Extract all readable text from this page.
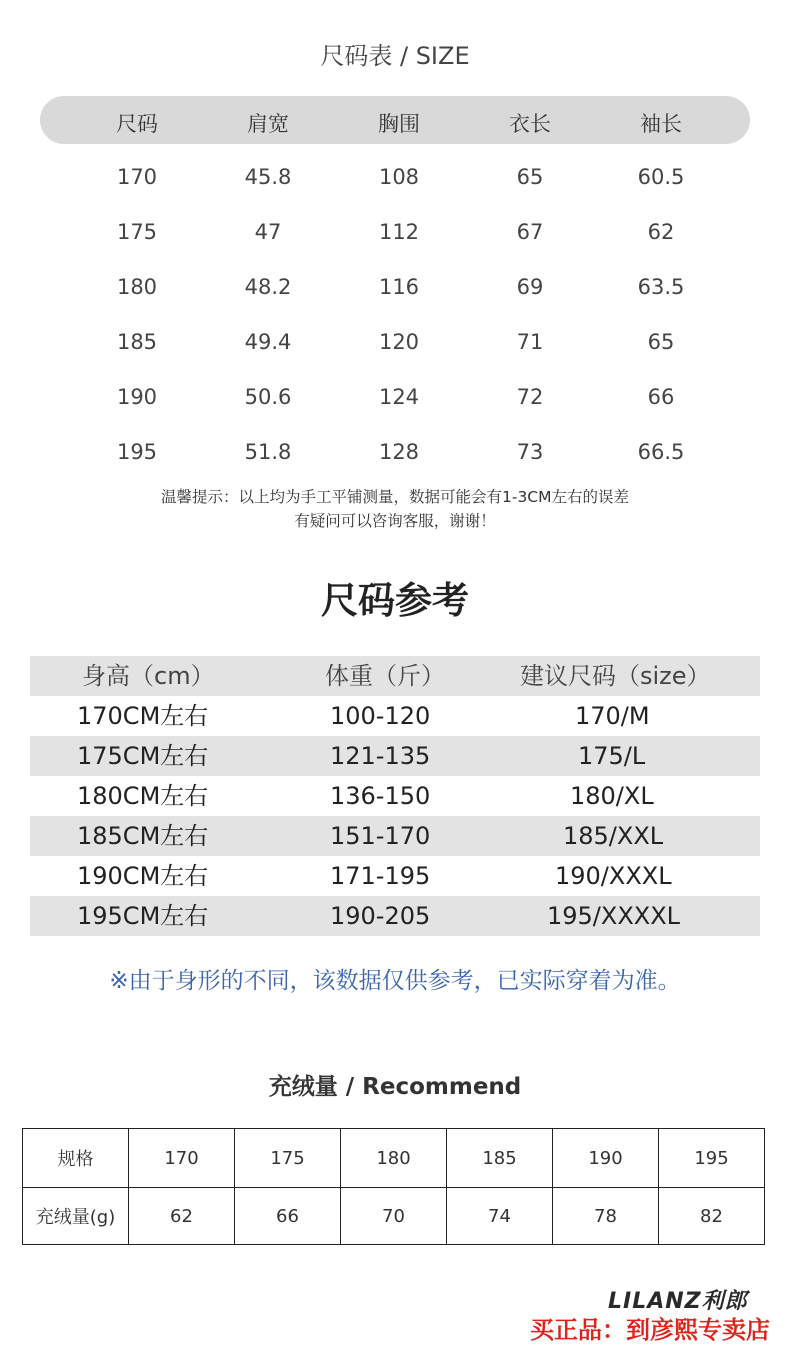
尺码表 / SIZE
尺码	肩宽	胸围	衣长	袖长
170	45.8	108	65	60.5
175	47	112	67	62
180	48.2	116	69	63.5
185	49.4	120	71	65
190	50.6	124	72	66
195	51.8	128	73	66.5
温馨提示：以上均为手工平铺测量，数据可能会有1-3CM左右的误差
有疑问可以咨询客服，谢谢！
尺码参考
身高（cm）	体重（斤）	建议尺码（size）
170CM左右	100-120	170/M
175CM左右	121-135	175/L
180CM左右	136-150	180/XL
185CM左右	151-170	185/XXL
190CM左右	171-195	190/XXXL
195CM左右	190-205	195/XXXXL
※由于身形的不同，该数据仅供参考，已实际穿着为准。
充绒量 / Recommend
规格	170	175	180	185	190	195
充绒量(g)	62	66	70	74	78	82
LILANZ利郎
买正品：到彦熙专卖店
